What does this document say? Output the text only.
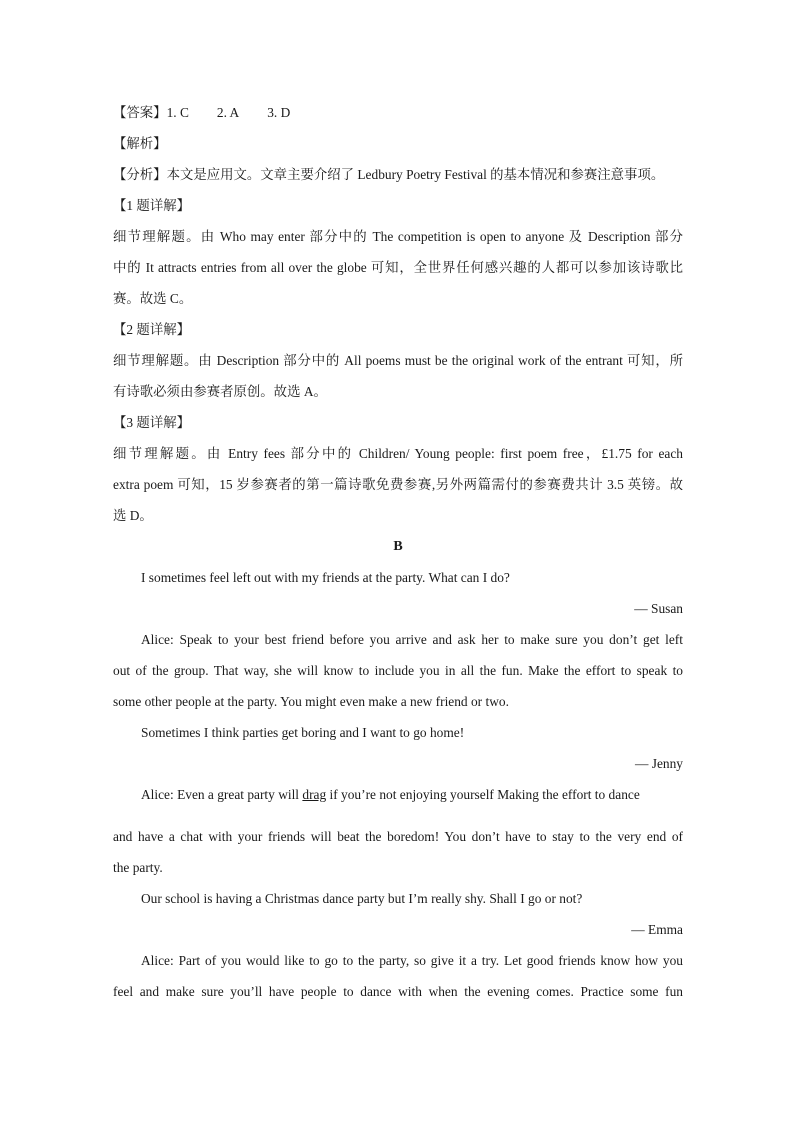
【答案】1. C 2. A 3. D
【解析】
【分析】本文是应用文。文章主要介绍了 Ledbury Poetry Festival 的基本情况和参赛注意事项。
【1 题详解】
细节理解题。由 Who may enter 部分中的 The competition is open to anyone 及 Description 部分
中的 It attracts entries from all over the globe 可知，全世界任何感兴趣的人都可以参加该诗歌比
赛。故选 C。
【2 题详解】
细节理解题。由 Description 部分中的 All poems must be the original work of the entrant 可知，所
有诗歌必须由参赛者原创。故选 A。
【3 题详解】
细节理解题。由 Entry fees 部分中的 Children/ Young people: first poem free，£1.75 for each
extra poem 可知，15 岁参赛者的第一篇诗歌免费参赛,另外两篇需付的参赛费共计 3.5 英镑。故
选 D。
B
I sometimes feel left out with my friends at the party. What can I do?
— Susan
Alice: Speak to your best friend before you arrive and ask her to make sure you don’t get left
out of the group. That way, she will know to include you in all the fun. Make the effort to speak to
some other people at the party. You might even make a new friend or two.
Sometimes I think parties get boring and I want to go home!
— Jenny
Alice: Even a great party will drag if you’re not enjoying yourself Making the effort to dance
and have a chat with your friends will beat the boredom! You don’t have to stay to the very end of
the party.
Our school is having a Christmas dance party but I’m really shy. Shall I go or not?
— Emma
Alice: Part of you would like to go to the party, so give it a try. Let good friends know how you
feel and make sure you’ll have people to dance with when the evening comes. Practice some fun
